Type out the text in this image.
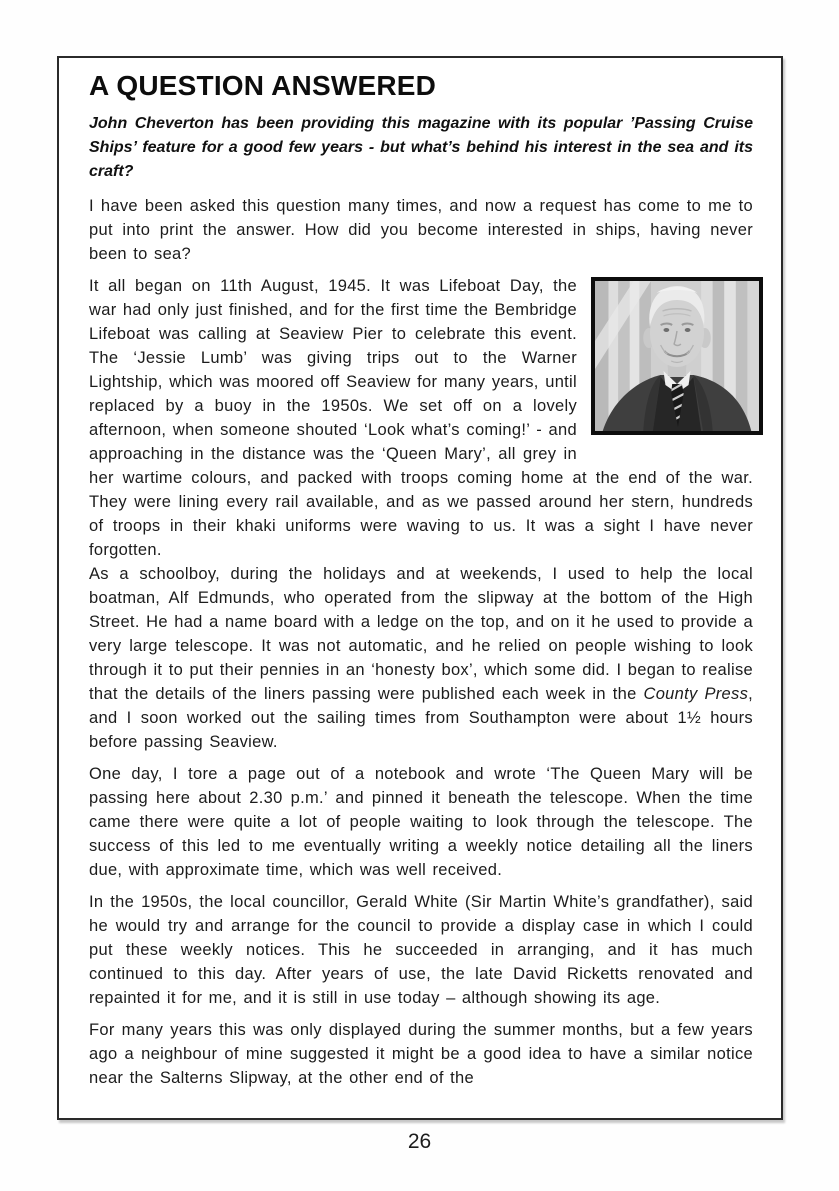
A QUESTION ANSWERED

John Cheverton has been providing this magazine with its popular ’Passing Cruise Ships’ feature for a good few years - but what’s behind his interest in the sea and its craft?

I have been asked this question many times, and now a request has come to me to put into print the answer. How did you become interested in ships, having never been to sea?

It all began on 11th August, 1945. It was Lifeboat Day, the war had only just finished, and for the first time the Bembridge Lifeboat was calling at Seaview Pier to celebrate this event. The ‘Jessie Lumb’ was giving trips out to the Warner Lightship, which was moored off Seaview for many years, until replaced by a buoy in the 1950s. We set off on a lovely afternoon, when someone shouted ‘Look what’s coming!’ - and approaching in the distance was the ‘Queen Mary’, all grey in her wartime colours, and packed with troops coming home at the end of the war. They were lining every rail available, and as we passed around her stern, hundreds of troops in their khaki uniforms were waving to us. It was a sight I have never forgotten.

As a schoolboy, during the holidays and at weekends, I used to help the local boatman, Alf Edmunds, who operated from the slipway at the bottom of the High Street. He had a name board with a ledge on the top, and on it he used to provide a very large telescope. It was not automatic, and he relied on people wishing to look through it to put their pennies in an ‘honesty box’, which some did. I began to realise that the details of the liners passing were published each week in the County Press, and I soon worked out the sailing times from Southampton were about 1½ hours before passing Seaview.

One day, I tore a page out of a notebook and wrote ‘The Queen Mary will be passing here about 2.30 p.m.’ and pinned it beneath the telescope. When the time came there were quite a lot of people waiting to look through the telescope. The success of this led to me eventually writing a weekly notice detailing all the liners due, with approximate time, which was well received.

In the 1950s, the local councillor, Gerald White (Sir Martin White’s grandfather), said he would try and arrange for the council to provide a display case in which I could put these weekly notices. This he succeeded in arranging, and it has much continued to this day. After years of use, the late David Ricketts renovated and repainted it for me, and it is still in use today – although showing its age.

For many years this was only displayed during the summer months, but a few years ago a neighbour of mine suggested it might be a good idea to have a similar notice near the Salterns Slipway, at the other end of the

26
